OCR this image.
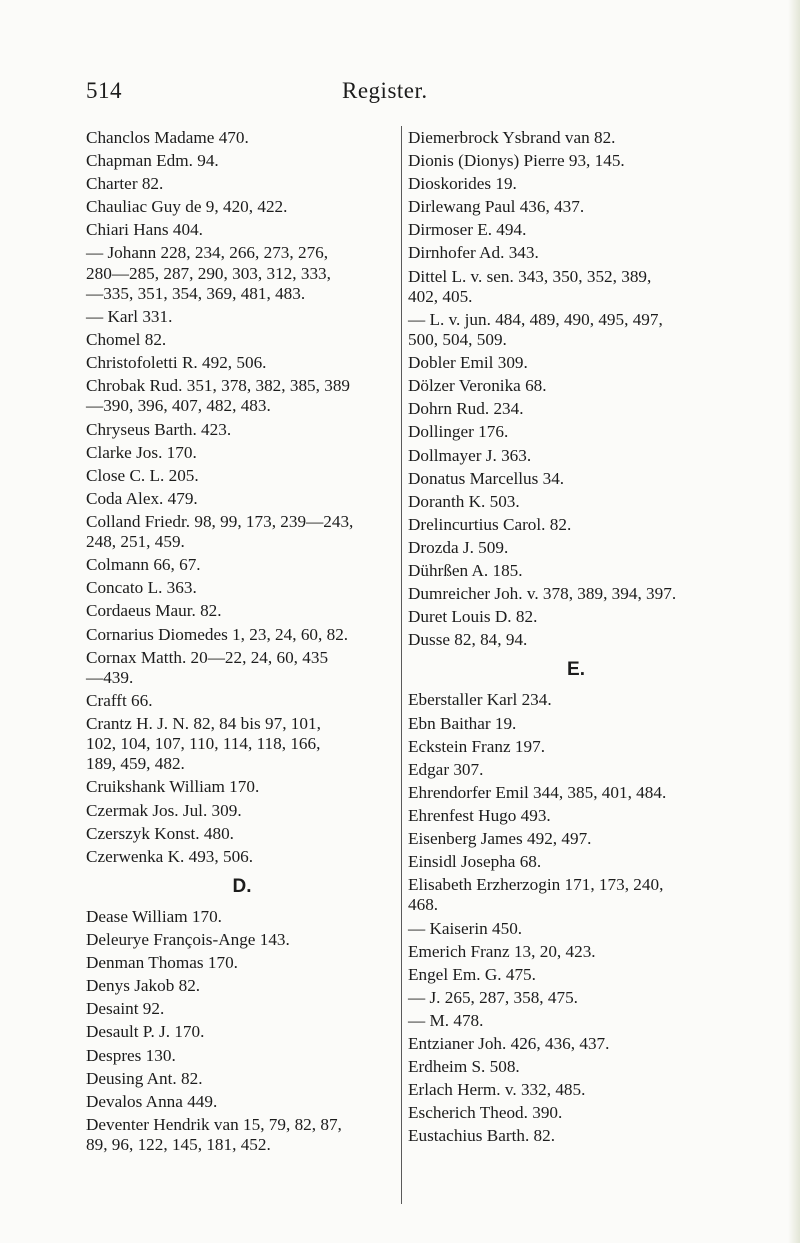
514	Register.
Chanclos Madame 470.
Chapman Edm. 94.
Charter 82.
Chauliac Guy de 9, 420, 422.
Chiari Hans 404.
— Johann 228, 234, 266, 273, 276,
280—285, 287, 290, 303, 312, 333,
—335, 351, 354, 369, 481, 483.
— Karl 331.
Chomel 82.
Christofoletti R. 492, 506.
Chrobak Rud. 351, 378, 382, 385, 389
—390, 396, 407, 482, 483.
Chryseus Barth. 423.
Clarke Jos. 170.
Close C. L. 205.
Coda Alex. 479.
Colland Friedr. 98, 99, 173, 239—243,
248, 251, 459.
Colmann 66, 67.
Concato L. 363.
Cordaeus Maur. 82.
Cornarius Diomedes 1, 23, 24, 60, 82.
Cornax Matth. 20—22, 24, 60, 435
—439.
Crafft 66.
Crantz H. J. N. 82, 84 bis 97, 101,
102, 104, 107, 110, 114, 118, 166,
189, 459, 482.
Cruikshank William 170.
Czermak Jos. Jul. 309.
Czerszyk Konst. 480.
Czerwenka K. 493, 506.
D.
Dease William 170.
Deleurye François-Ange 143.
Denman Thomas 170.
Denys Jakob 82.
Desaint 92.
Desault P. J. 170.
Despres 130.
Deusing Ant. 82.
Devalos Anna 449.
Deventer Hendrik van 15, 79, 82, 87,
89, 96, 122, 145, 181, 452.
Diemerbrock Ysbrand van 82.
Dionis (Dionys) Pierre 93, 145.
Dioskorides 19.
Dirlewang Paul 436, 437.
Dirmoser E. 494.
Dirnhofer Ad. 343.
Dittel L. v. sen. 343, 350, 352, 389,
402, 405.
— L. v. jun. 484, 489, 490, 495, 497,
500, 504, 509.
Dobler Emil 309.
Dölzer Veronika 68.
Dohrn Rud. 234.
Dollinger 176.
Dollmayer J. 363.
Donatus Marcellus 34.
Doranth K. 503.
Drelincurtius Carol. 82.
Drozda J. 509.
Dührßen A. 185.
Dumreicher Joh. v. 378, 389, 394, 397.
Duret Louis D. 82.
Dusse 82, 84, 94.
E.
Eberstaller Karl 234.
Ebn Baithar 19.
Eckstein Franz 197.
Edgar 307.
Ehrendorfer Emil 344, 385, 401, 484.
Ehrenfest Hugo 493.
Eisenberg James 492, 497.
Einsidl Josepha 68.
Elisabeth Erzherzogin 171, 173, 240,
468.
— Kaiserin 450.
Emerich Franz 13, 20, 423.
Engel Em. G. 475.
— J. 265, 287, 358, 475.
— M. 478.
Entzianer Joh. 426, 436, 437.
Erdheim S. 508.
Erlach Herm. v. 332, 485.
Escherich Theod. 390.
Eustachius Barth. 82.
